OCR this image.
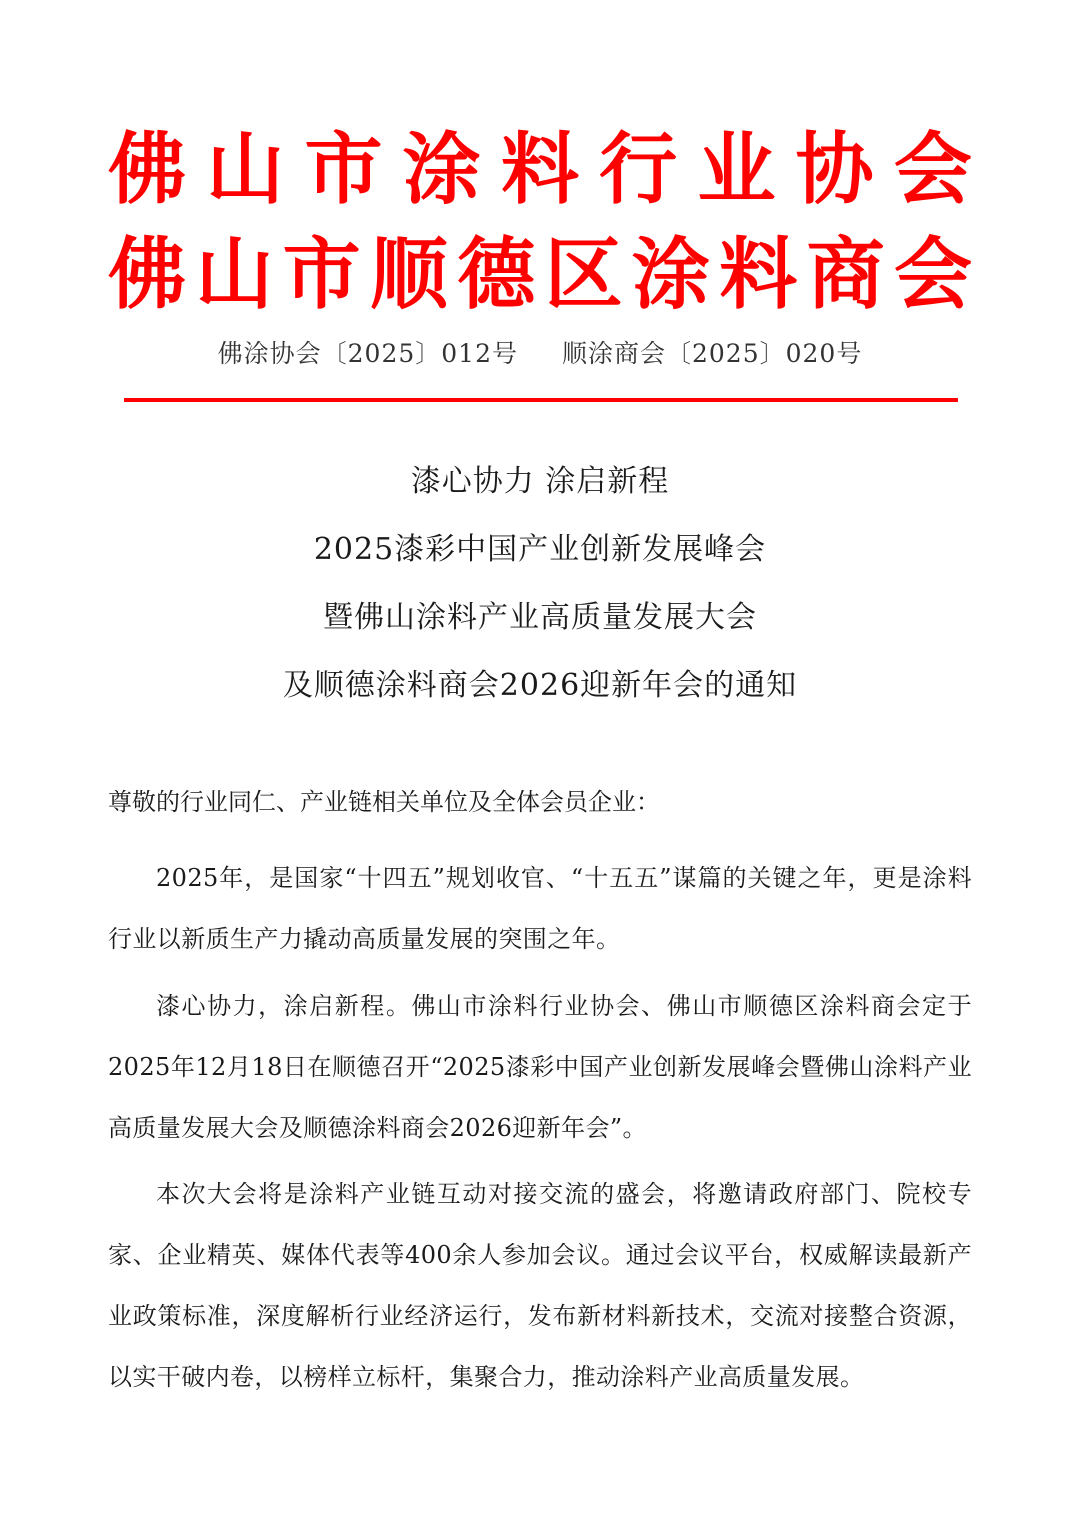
佛 山 市 涂 料 行 业 协 会
佛 山 市 顺 德 区 涂 料 商 会
佛涂协会〔2025〕012号 顺涂商会〔2025〕020号
漆心协力 涂启新程
2025漆彩中国产业创新发展峰会
暨佛山涂料产业高质量发展大会
及顺德涂料商会2026迎新年会的通知

尊敬的行业同仁、产业链相关单位及全体会员企业：

2025年，是国家“十四五”规划收官、“十五五”谋篇的关键之年，更是涂料行业以新质生产力撬动高质量发展的突围之年。

漆心协力，涂启新程。佛山市涂料行业协会、佛山市顺德区涂料商会定于2025年12月18日在顺德召开“2025漆彩中国产业创新发展峰会暨佛山涂料产业高质量发展大会及顺德涂料商会2026迎新年会”。

本次大会将是涂料产业链互动对接交流的盛会，将邀请政府部门、院校专家、企业精英、媒体代表等400余人参加会议。通过会议平台，权威解读最新产业政策标准，深度解析行业经济运行，发布新材料新技术，交流对接整合资源，以实干破内卷，以榜样立标杆，集聚合力，推动涂料产业高质量发展。
